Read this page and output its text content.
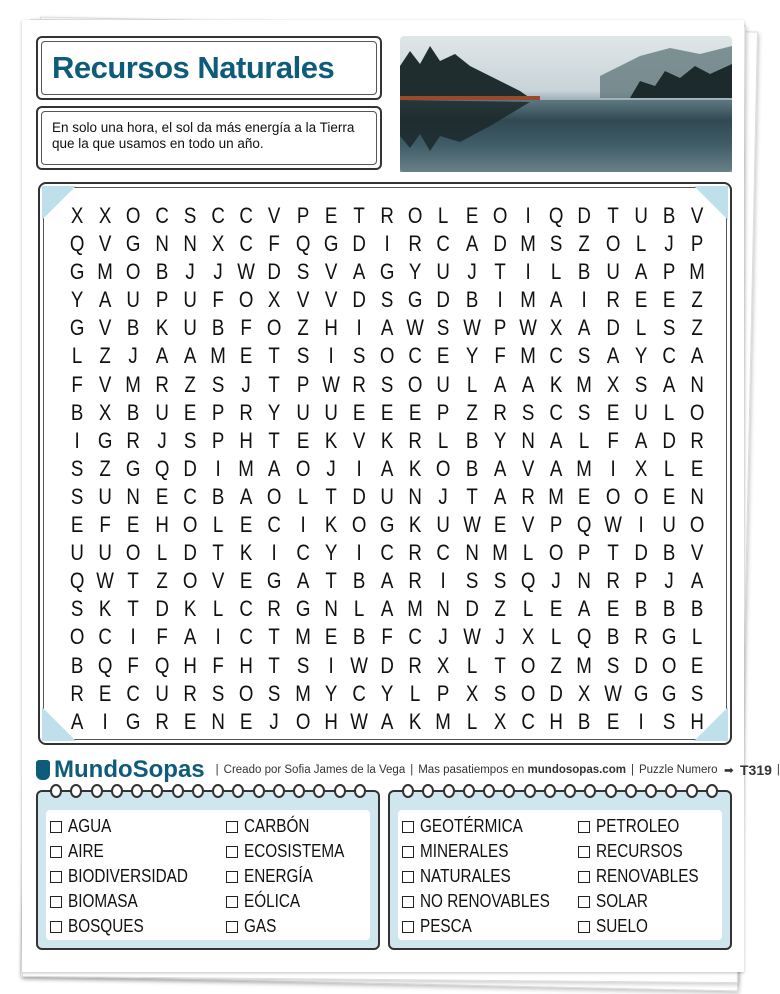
Recursos Naturales
En solo una hora, el sol da más energía a la Tierra que la que usamos en todo un año.
X X O C S C C V P E T R O L E O I Q D T U B V
Q V G N N X C F Q G D I R C A D M S Z O L J P
G M O B J J W D S V A G Y U J T I L B U A P M
Y A U P U F O X V V D S G D B I M A I R E E Z
G V B K U B F O Z H I A W S W P W X A D L S Z
L Z J A A M E T S I S O C E Y F M C S A Y C A
F V M R Z S J T P W R S O U L A A K M X S A N
B X B U E P R Y U U E E E P Z R S C S E U L O
I G R J S P H T E K V K R L B Y N A L F A D R
S Z G Q D I M A O J I A K O B A V A M I X L E
S U N E C B A O L T D U N J T A R M E O O E N
E F E H O L E C I K O G K U W E V P Q W I U O
U U O L D T K I C Y I C R C N M L O P T D B V
Q W T Z O V E G A T B A R I S S Q J N R P J A
S K T D K L C R G N L A M N D Z L E A E B B B
O C I F A I C T M E B F C J W J X L Q B R G L
B Q F Q H F H T S I W D R X L T O Z M S D O E
R E C U R S O S M Y C Y L P X S O D X W G G S
A I G R E N E J O H W A K M L X C H B E I S H
MundoSopas | Creado por Sofia James de la Vega | Mas pasatiempos en
mundosopas.com | Puzzle Numero
➡
T319 |
AGUA
AIRE
BIODIVERSIDAD
BIOMASA
BOSQUES
CARBÓN
ECOSISTEMA
ENERGÍA
EÓLICA
GAS
GEOTÉRMICA
MINERALES
NATURALES
NO RENOVABLES
PESCA
PETROLEO
RECURSOS
RENOVABLES
SOLAR
SUELO
